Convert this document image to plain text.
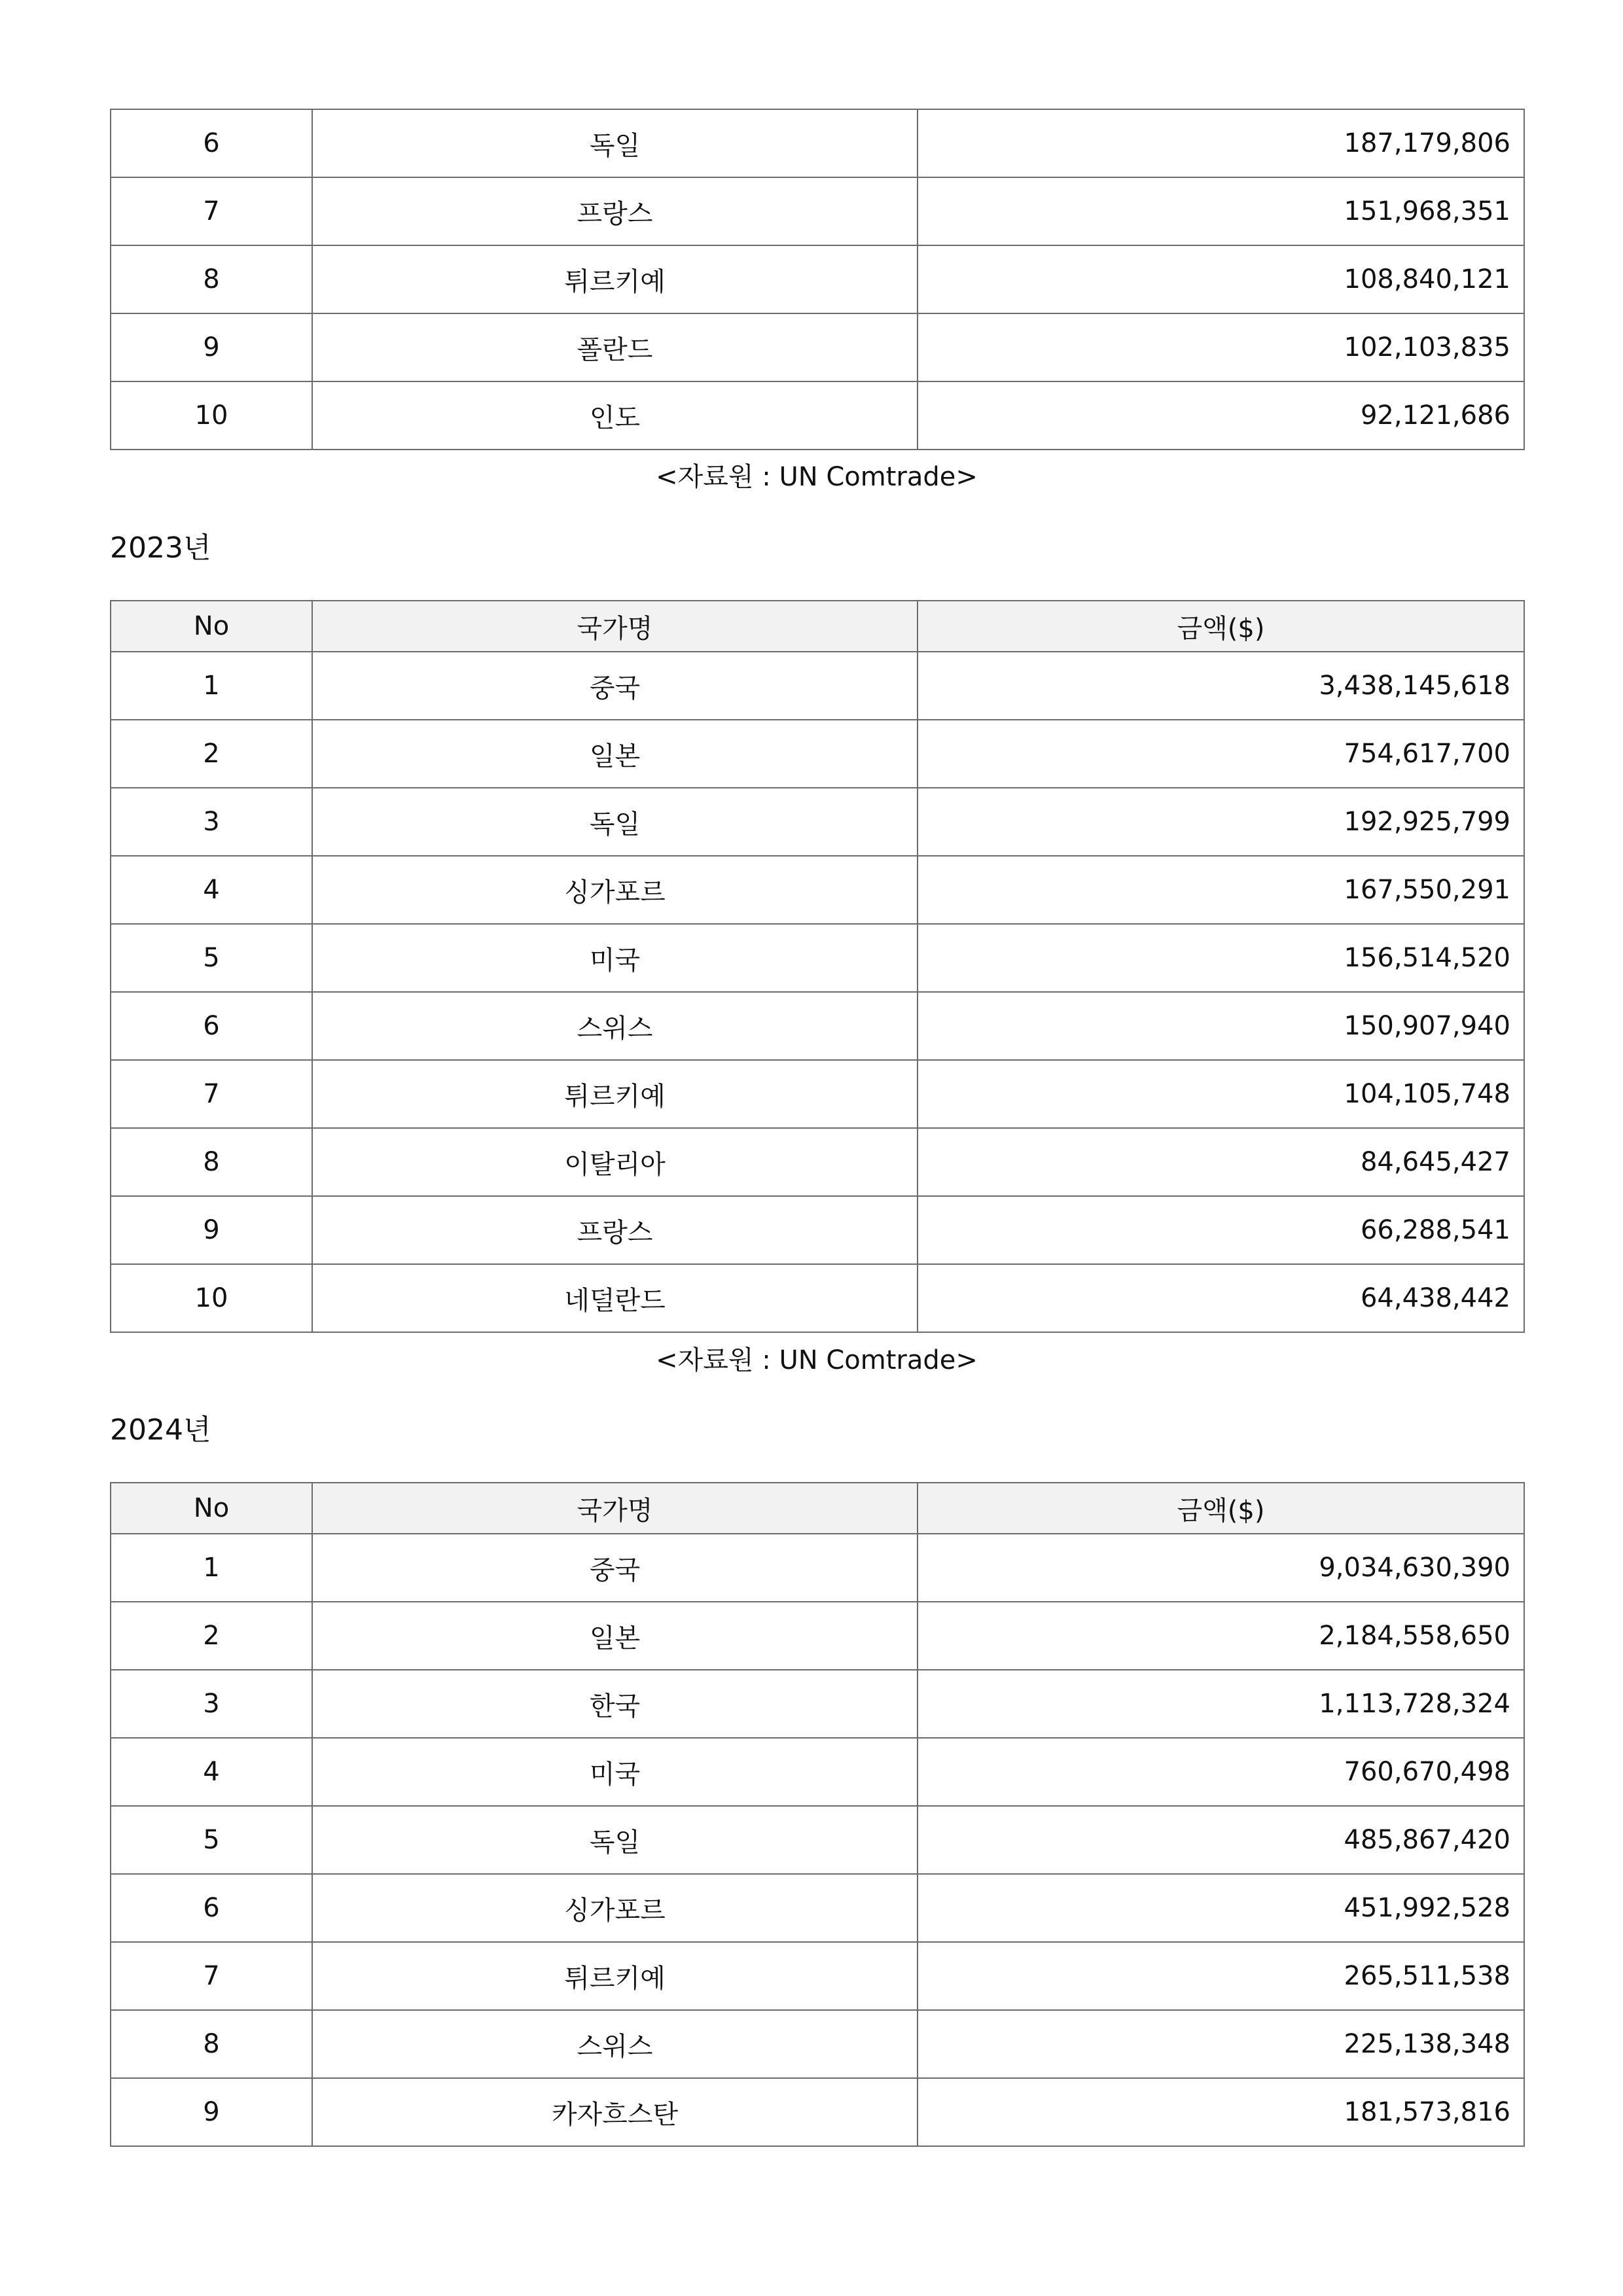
6	독일	187,179,806
7	프랑스	151,968,351
8	튀르키예	108,840,121
9	폴란드	102,103,835
10	인도	92,121,686
<자료원 : UN Comtrade>
2023년
No	국가명	금액($)
1	중국	3,438,145,618
2	일본	754,617,700
3	독일	192,925,799
4	싱가포르	167,550,291
5	미국	156,514,520
6	스위스	150,907,940
7	튀르키예	104,105,748
8	이탈리아	84,645,427
9	프랑스	66,288,541
10	네덜란드	64,438,442
<자료원 : UN Comtrade>
2024년
No	국가명	금액($)
1	중국	9,034,630,390
2	일본	2,184,558,650
3	한국	1,113,728,324
4	미국	760,670,498
5	독일	485,867,420
6	싱가포르	451,992,528
7	튀르키예	265,511,538
8	스위스	225,138,348
9	카자흐스탄	181,573,816
